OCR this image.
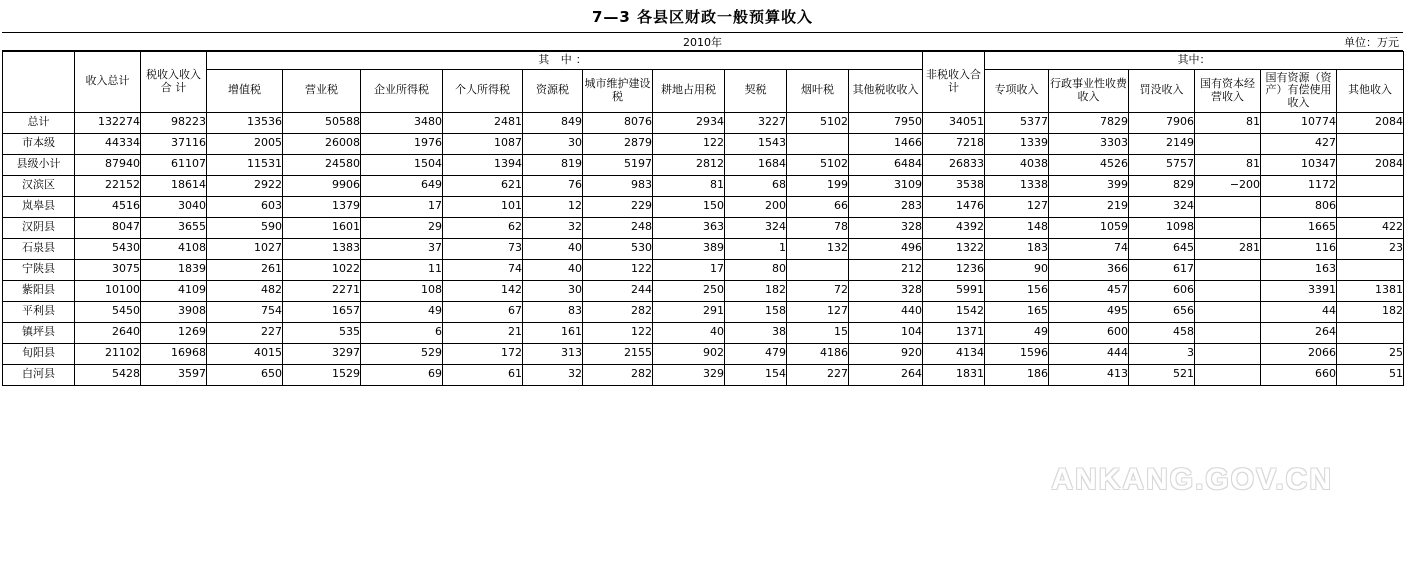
7—3 各县区财政一般预算收入
2010年	单位：万元
	收入总计	税收入收入合 计	其 中：										非税收入合 计	其中：					
			增值税	营业税	企业所得税	个人所得税	资源税	城市维护建设税	耕地占用税	契税	烟叶税	其他税收收入		专项收入	行政事业性收费收入	罚没收入	国有资本经营收入	国有资源（资产）有偿使用收入	其他收入
总计	132274	98223	13536	50588	3480	2481	849	8076	2934	3227	5102	7950	34051	5377	7829	7906	81	10774	2084
市本级	44334	37116	2005	26008	1976	1087	30	2879	122	1543		1466	7218	1339	3303	2149		427	
县级小计	87940	61107	11531	24580	1504	1394	819	5197	2812	1684	5102	6484	26833	4038	4526	5757	81	10347	2084
汉滨区	22152	18614	2922	9906	649	621	76	983	81	68	199	3109	3538	1338	399	829	−200	1172	
岚皋县	4516	3040	603	1379	17	101	12	229	150	200	66	283	1476	127	219	324		806	
汉阴县	8047	3655	590	1601	29	62	32	248	363	324	78	328	4392	148	1059	1098		1665	422
石泉县	5430	4108	1027	1383	37	73	40	530	389	1	132	496	1322	183	74	645	281	116	23
宁陕县	3075	1839	261	1022	11	74	40	122	17	80		212	1236	90	366	617		163	
紫阳县	10100	4109	482	2271	108	142	30	244	250	182	72	328	5991	156	457	606		3391	1381
平利县	5450	3908	754	1657	49	67	83	282	291	158	127	440	1542	165	495	656		44	182
镇坪县	2640	1269	227	535	6	21	161	122	40	38	15	104	1371	49	600	458		264	
旬阳县	21102	16968	4015	3297	529	172	313	2155	902	479	4186	920	4134	1596	444	3		2066	25
白河县	5428	3597	650	1529	69	61	32	282	329	154	227	264	1831	186	413	521		660	51
ANKANG.GOV.CN
